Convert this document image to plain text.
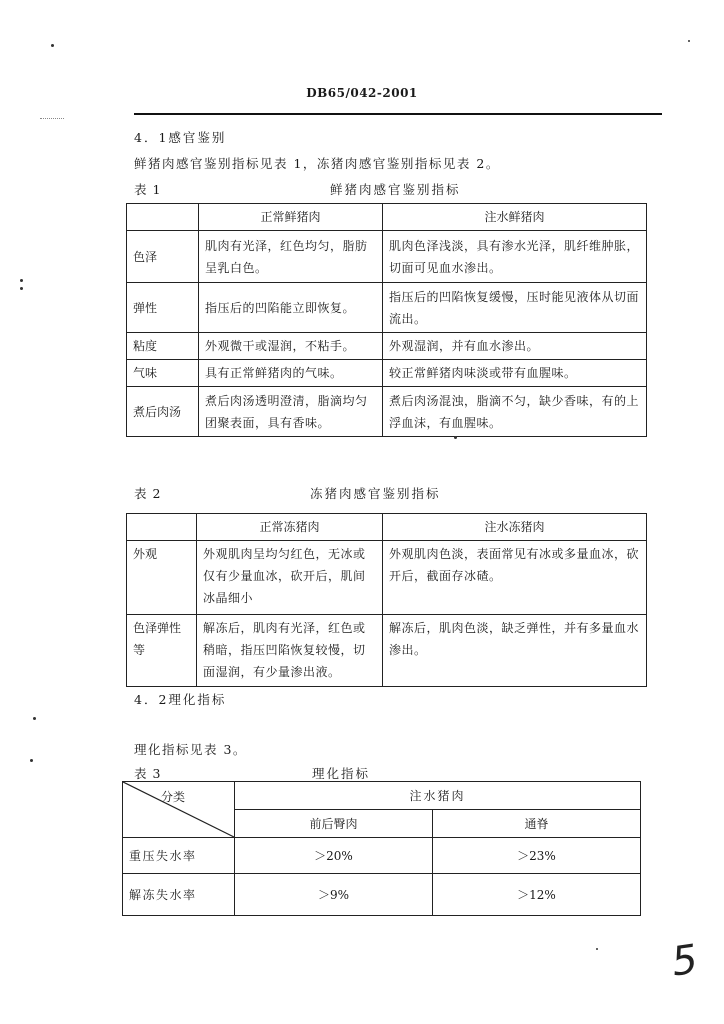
DB65/042-2001
4．1感官鉴别
鲜猪肉感官鉴别指标见表 1，冻猪肉感官鉴别指标见表 2。
表 1	鲜猪肉感官鉴别指标
	正常鲜猪肉	注水鲜猪肉
色泽	肌肉有光泽，红色均匀，脂肪呈乳白色。	肌肉色泽浅淡，具有渗水光泽，肌纤维肿胀，切面可见血水渗出。
弹性	指压后的凹陷能立即恢复。	指压后的凹陷恢复缓慢，压时能见液体从切面流出。
粘度	外观微干或湿润，不粘手。	外观湿润，并有血水渗出。
气味	具有正常鲜猪肉的气味。	较正常鲜猪肉味淡或带有血腥味。
煮后肉汤	煮后肉汤透明澄清，脂滴均匀团聚表面，具有香味。	煮后肉汤混浊，脂滴不匀，缺少香味，有的上浮血沫，有血腥味。
表 2	冻猪肉感官鉴别指标
	正常冻猪肉	注水冻猪肉
外观	外观肌肉呈均匀红色，无冰或仅有少量血冰，砍开后，肌间冰晶细小	外观肌肉色淡，表面常见有冰或多量血冰，砍开后，截面存冰碴。
色泽弹性等	解冻后，肌肉有光泽，红色或稍暗，指压凹陷恢复较慢，切面湿润，有少量渗出液。	解冻后，肌肉色淡，缺乏弹性，并有多量血水渗出。
4．2理化指标
理化指标见表 3。
表 3	理化指标
分类	注水猪肉	
	前后臀肉	通脊
重压失水率	＞20%	＞23%
解冻失水率	＞9%	＞12%
5
